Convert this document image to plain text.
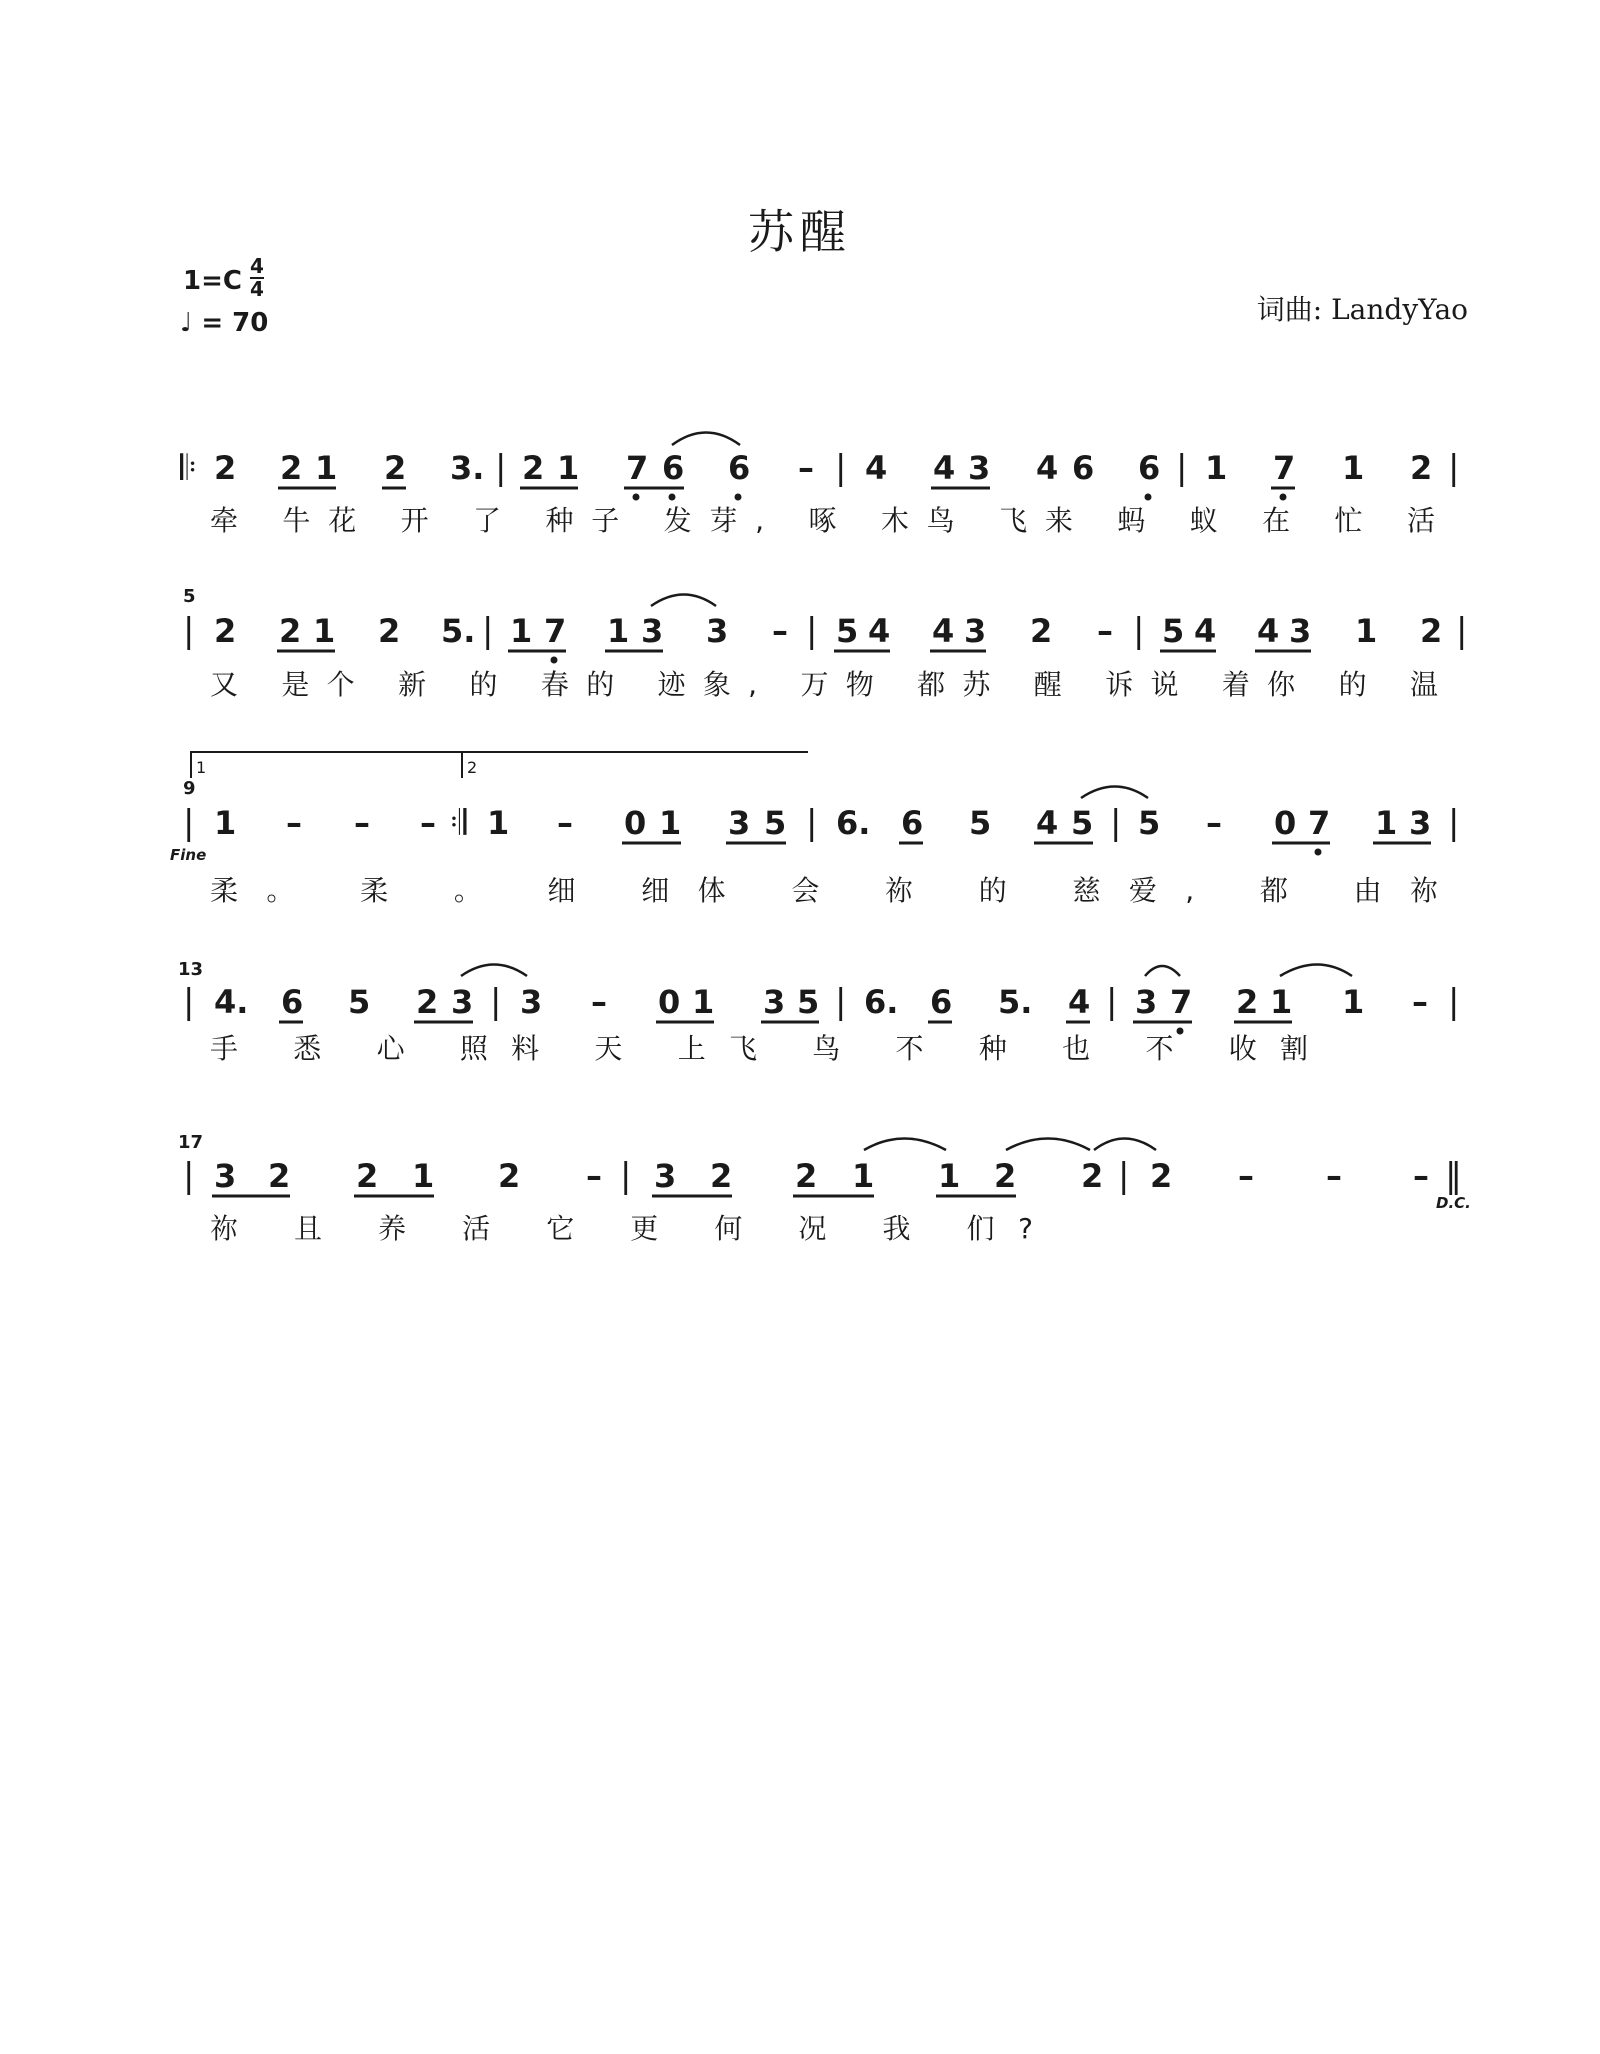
苏醒
1=C 4
4
♩ = 70	词曲: LandyYao
𝄆 2 2 1 2 3. | 2 1 7 6 6 – | 4 4 3 4 6 6 | 1 7 1 2 |
牵 牛花 开 了 种子 发芽, 啄 木鸟 飞来 蚂 蚁 在 忙 活
5
| 2 2 1 2 5. | 1 7 1 3 3 – | 5 4 4 3 2 – | 5 4 4 3 1 2 |
又 是个 新 的 春的 迹象, 万物 都苏 醒 诉说 着你 的 温
1	2
9
| 1 – – – 𝄇 1 – 0 1 3 5 | 6. 6 5 4 5 | 5 – 0 7 1 3 |
Fine
柔。 柔 。 细 细体 会 祢 的 慈爱, 都 由祢
13
| 4. 6 5 2 3 | 3 – 0 1 3 5 | 6. 6 5. 4 | 3 7 2 1 1 – |
手 悉 心 照料 天 上飞 鸟 不 种 也 不 收割
17
| 3 2 2 1 2 – | 3 2 2 1 1 2 2 | 2 – – – ‖
D.C.
祢 且 养 活 它 更 何 况 我 们?
